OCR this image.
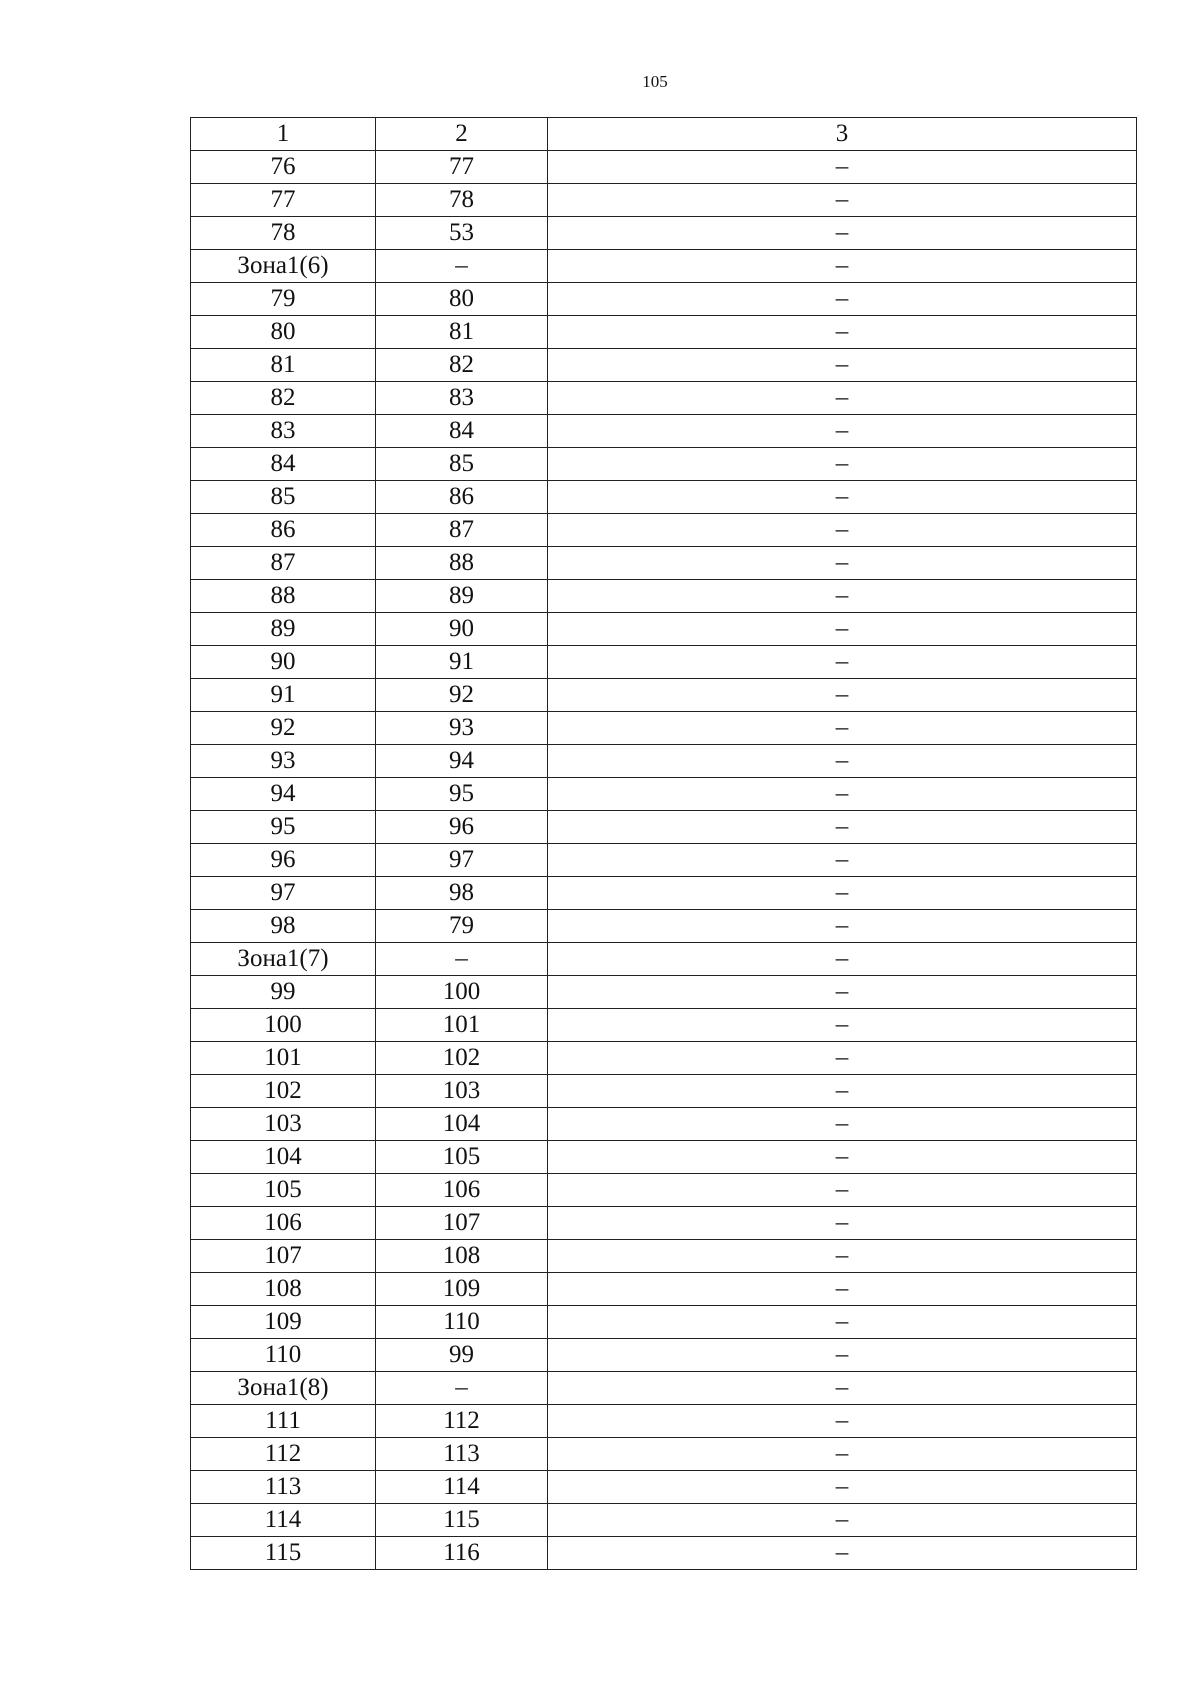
105
1	2	3
76	77	–
77	78	–
78	53	–
Зона1(6)	–	–
79	80	–
80	81	–
81	82	–
82	83	–
83	84	–
84	85	–
85	86	–
86	87	–
87	88	–
88	89	–
89	90	–
90	91	–
91	92	–
92	93	–
93	94	–
94	95	–
95	96	–
96	97	–
97	98	–
98	79	–
Зона1(7)	–	–
99	100	–
100	101	–
101	102	–
102	103	–
103	104	–
104	105	–
105	106	–
106	107	–
107	108	–
108	109	–
109	110	–
110	99	–
Зона1(8)	–	–
111	112	–
112	113	–
113	114	–
114	115	–
115	116	–
